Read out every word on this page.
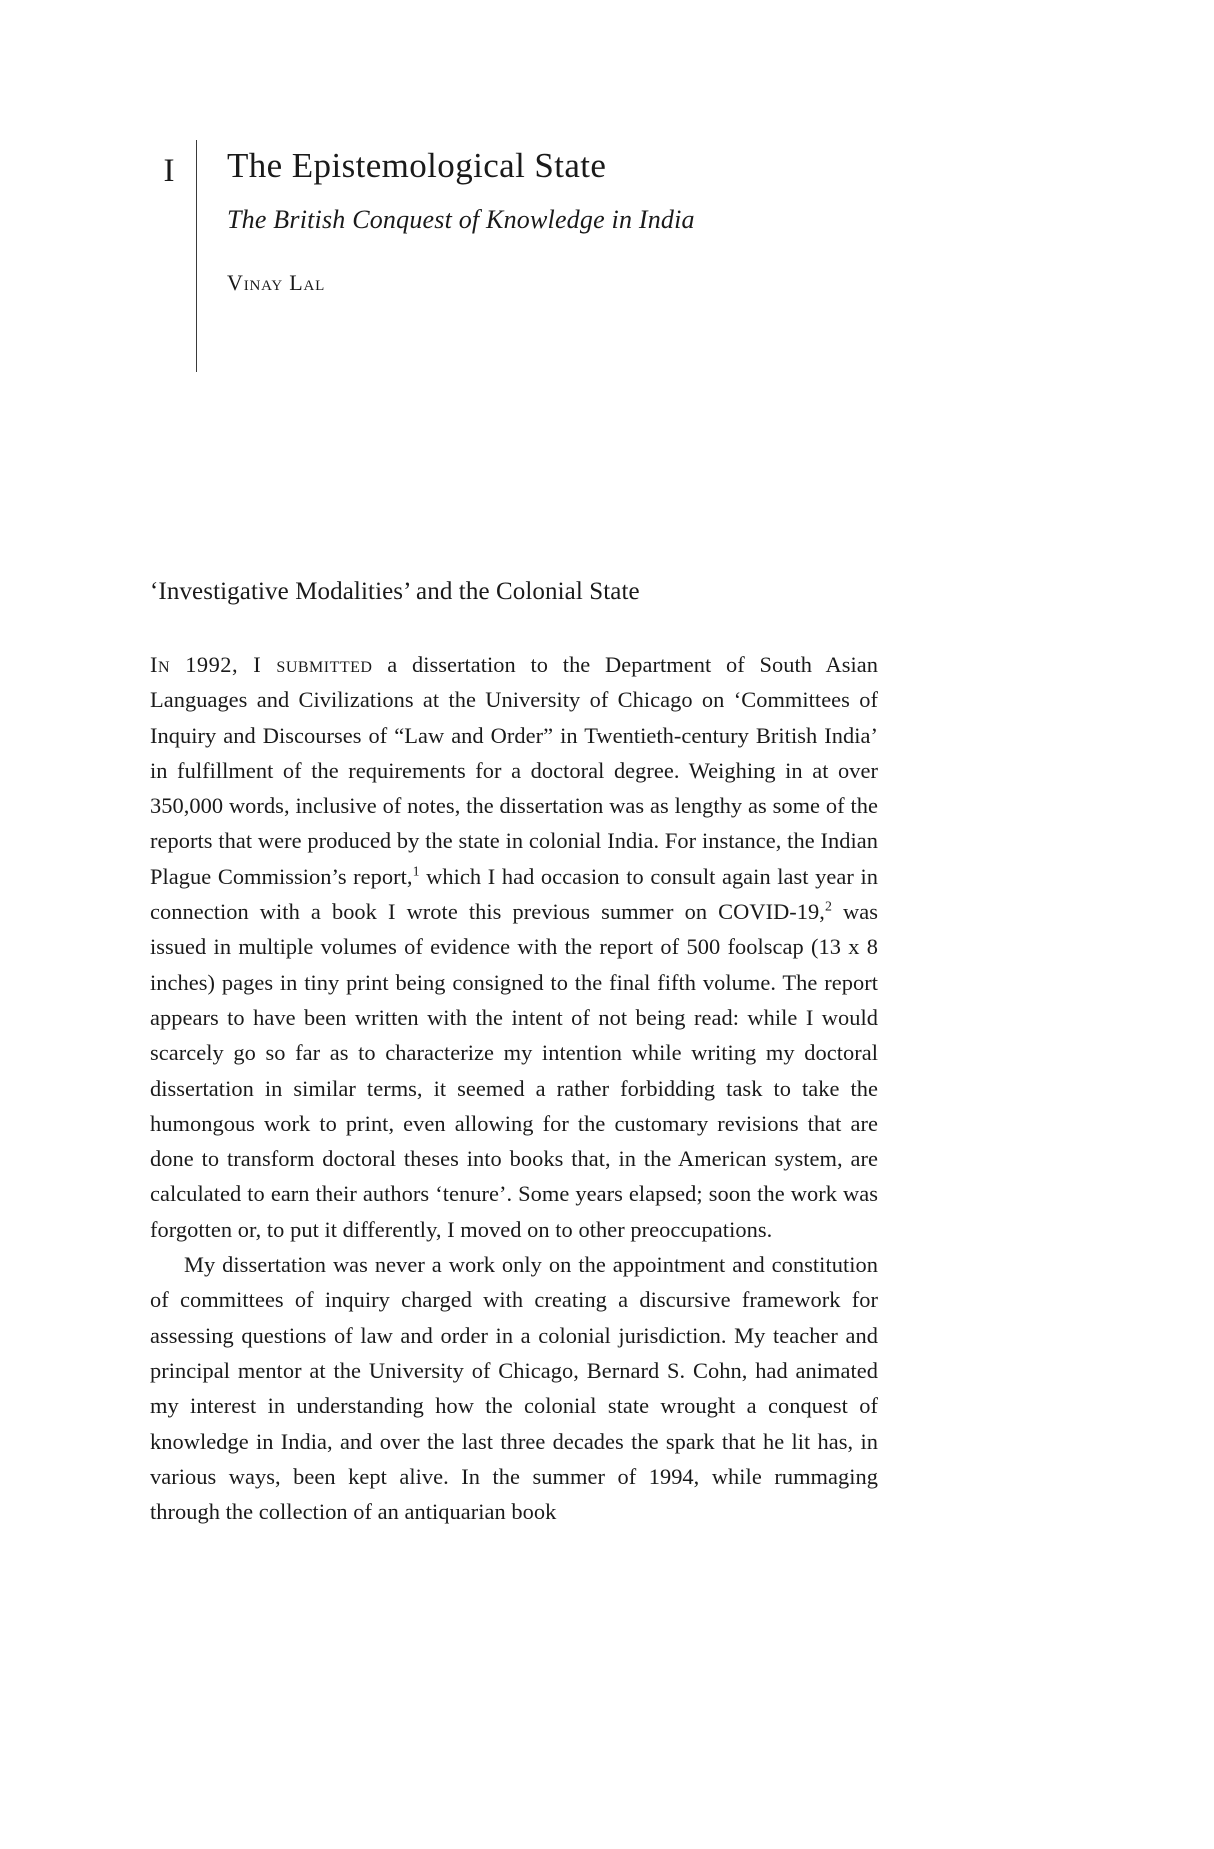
I	The Epistemological State
The British Conquest of Knowledge in India
Vinay Lal
‘Investigative Modalities’ and the Colonial State

In 1992, I submitted a dissertation to the Department of South Asian Languages and Civilizations at the University of Chicago on ‘Committees of Inquiry and Discourses of “Law and Order” in Twentieth-century British India’ in fulfillment of the requirements for a doctoral degree. Weighing in at over 350,000 words, inclusive of notes, the dissertation was as lengthy as some of the reports that were produced by the state in colonial India. For instance, the Indian Plague Commission’s report,$^1$ which I had occasion to consult again last year in connection with a book I wrote this previous summer on COVID-19,$^2$ was issued in multiple volumes of evidence with the report of 500 foolscap (13 x 8 inches) pages in tiny print being consigned to the final fifth volume. The report appears to have been written with the intent of not being read: while I would scarcely go so far as to characterize my intention while writing my doctoral dissertation in similar terms, it seemed a rather forbidding task to take the humongous work to print, even allowing for the customary revisions that are done to transform doctoral theses into books that, in the American system, are calculated to earn their authors ‘tenure’. Some years elapsed; soon the work was forgotten or, to put it differently, I moved on to other preoccupations.

My dissertation was never a work only on the appointment and constitution of committees of inquiry charged with creating a discursive framework for assessing questions of law and order in a colonial jurisdiction. My teacher and principal mentor at the University of Chicago, Bernard S. Cohn, had animated my interest in understanding how the colonial state wrought a conquest of knowledge in India, and over the last three decades the spark that he lit has, in various ways, been kept alive. In the summer of 1994, while rummaging through the collection of an antiquarian book
